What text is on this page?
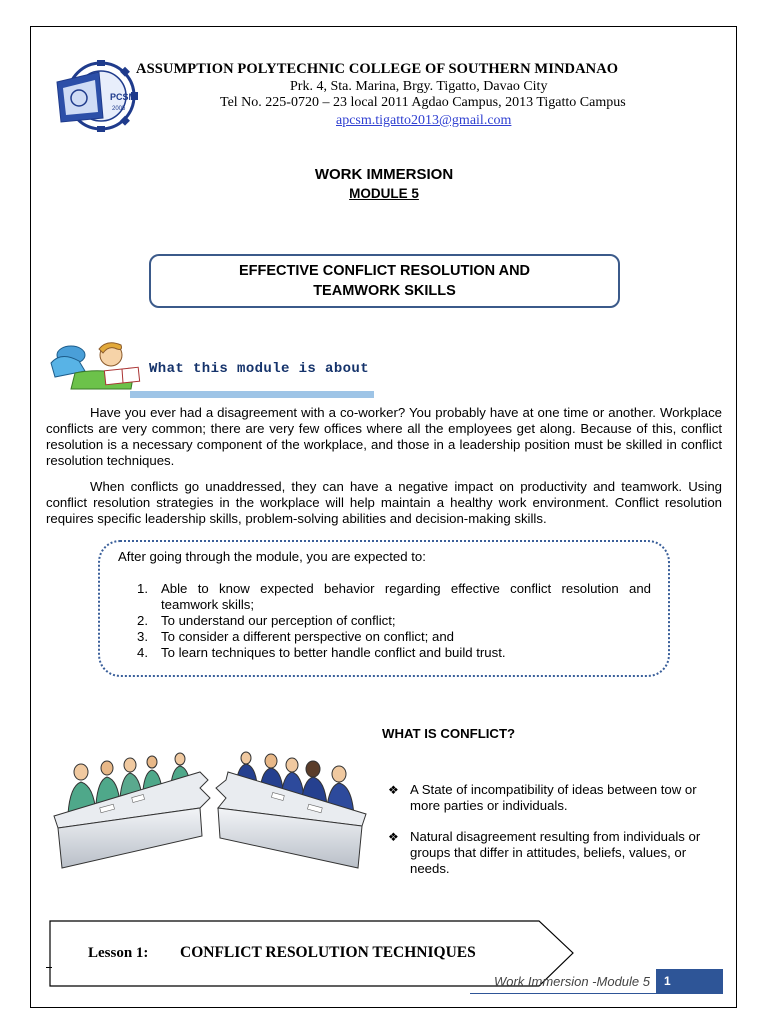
PCSM
2005
ASSUMPTION POLYTECHNIC COLLEGE OF SOUTHERN MINDANAO
Prk. 4, Sta. Marina, Brgy. Tigatto, Davao City
Tel No. 225-0720 – 23 local 2011 Agdao Campus, 2013 Tigatto Campus
apcsm.tigatto2013@gmail.com
WORK IMMERSION
MODULE 5
EFFECTIVE CONFLICT RESOLUTION AND
TEAMWORK SKILLS
What this module is about
Have you ever had a disagreement with a co-worker? You probably have at one time or another. Workplace conflicts are very common; there are very few offices where all the employees get along. Because of this, conflict resolution is a necessary component of the workplace, and those in a leadership position must be skilled in conflict resolution techniques.
When conflicts go unaddressed, they can have a negative impact on productivity and teamwork. Using conflict resolution strategies in the workplace will help maintain a healthy work environment. Conflict resolution requires specific leadership skills, problem-solving abilities and decision-making skills.
After going through the module, you are expected to:
1. Able to know expected behavior regarding effective conflict resolution and teamwork skills;
2. To understand our perception of conflict;
3. To consider a different perspective on conflict; and
4. To learn techniques to better handle conflict and build trust.
WHAT IS CONFLICT?
❖ A State of incompatibility of ideas between tow or more parties or individuals.
❖ Natural disagreement resulting from individuals or groups that differ in attitudes, beliefs, values, or needs.
Lesson 1: CONFLICT RESOLUTION TECHNIQUES
Work Immersion -Module 5	1
